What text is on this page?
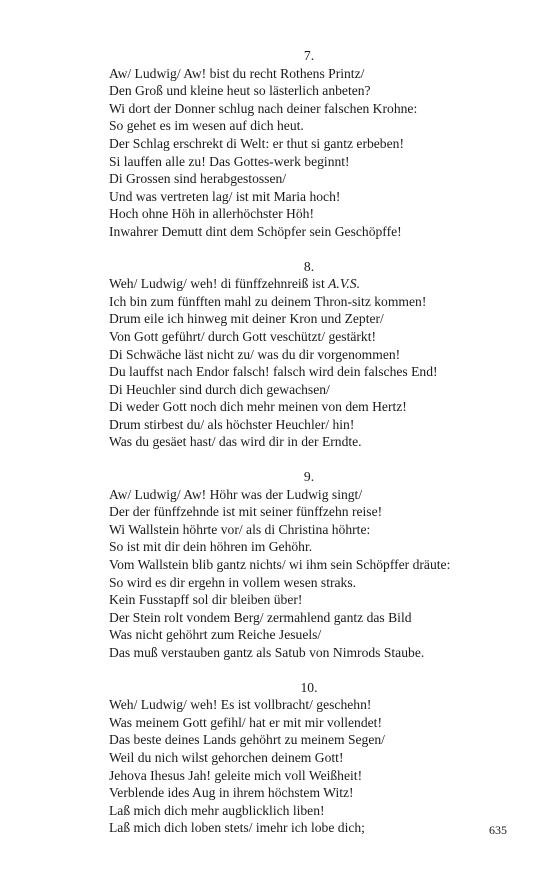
7.
Aw/ Ludwig/ Aw! bist du recht Rothens Printz/
Den Groß und kleine heut so lästerlich anbeten?
Wi dort der Donner schlug nach deiner falschen Krohne:
So gehet es im wesen auf dich heut.
Der Schlag erschrekt di Welt: er thut si gantz erbeben!
Si lauffen alle zu! Das Gottes-werk beginnt!
Di Grossen sind herabgestossen/
Und was vertreten lag/ ist mit Maria hoch!
Hoch ohne Höh in allerhöchster Höh!
Inwahrer Demutt dint dem Schöpfer sein Geschöpffe!
8.
Weh/ Ludwig/ weh! di fünffzehnreiß ist A.V.S.
Ich bin zum fünfften mahl zu deinem Thron-sitz kommen!
Drum eile ich hinweg mit deiner Kron und Zepter/
Von Gott geführt/ durch Gott veschützt/ gestärkt!
Di Schwäche läst nicht zu/ was du dir vorgenommen!
Du lauffst nach Endor falsch! falsch wird dein falsches End!
Di Heuchler sind durch dich gewachsen/
Di weder Gott noch dich mehr meinen von dem Hertz!
Drum stirbest du/ als höchster Heuchler/ hin!
Was du gesäet hast/ das wird dir in der Erndte.
9.
Aw/ Ludwig/ Aw! Höhr was der Ludwig singt/
Der der fünffzehnde ist mit seiner fünffzehn reise!
Wi Wallstein höhrte vor/ als di Christina höhrte:
So ist mit dir dein höhren im Gehöhr.
Vom Wallstein blib gantz nichts/ wi ihm sein Schöpffer dräute:
So wird es dir ergehn in vollem wesen straks.
Kein Fusstapff sol dir bleiben über!
Der Stein rolt vondem Berg/ zermahlend gantz das Bild
Was nicht gehöhrt zum Reiche Jesuels/
Das muß verstauben gantz als Satub von Nimrods Staube.
10.
Weh/ Ludwig/ weh! Es ist vollbracht/ geschehn!
Was meinem Gott gefihl/ hat er mit mir vollendet!
Das beste deines Lands gehöhrt zu meinem Segen/
Weil du nich wilst gehorchen deinem Gott!
Jehova Ihesus Jah! geleite mich voll Weißheit!
Verblende ides Aug in ihrem höchstem Witz!
Laß mich dich mehr augblicklich liben!
Laß mich dich loben stets/ imehr ich lobe dich;	635
